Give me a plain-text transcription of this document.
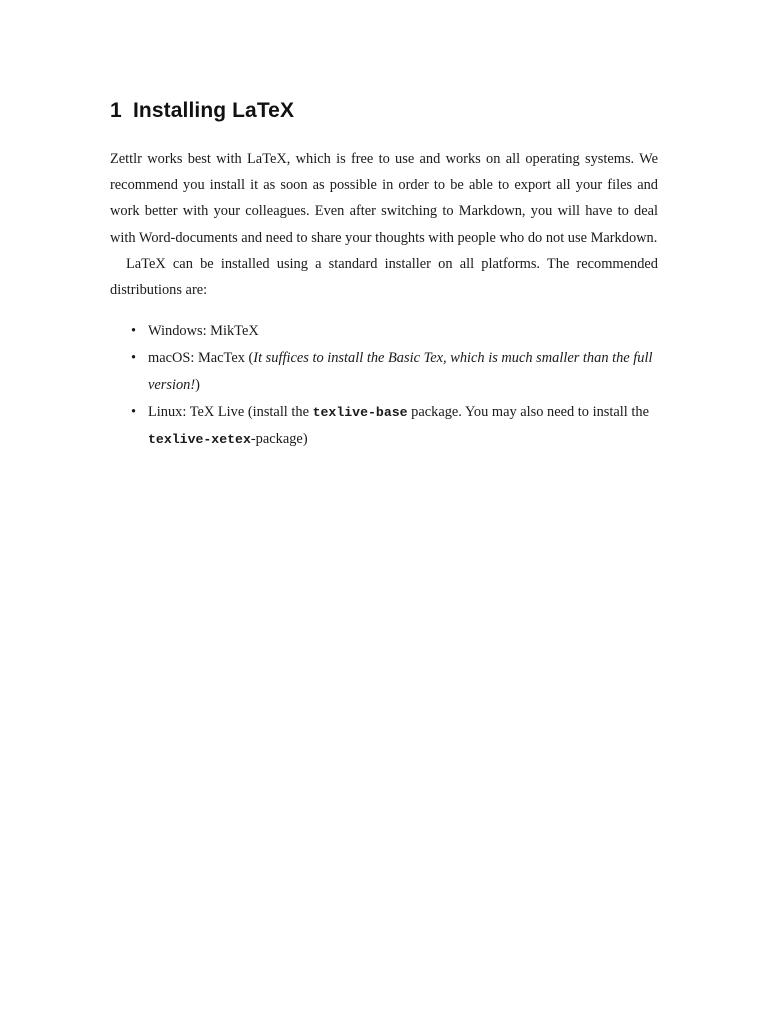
1 Installing LaTeX

Zettlr works best with LaTeX, which is free to use and works on all operating systems. We recommend you install it as soon as possible in order to be able to export all your files and work better with your colleagues. Even after switching to Markdown, you will have to deal with Word-documents and need to share your thoughts with people who do not use Markdown.

LaTeX can be installed using a standard installer on all platforms. The recommended distributions are:

• Windows: MikTeX
• macOS: MacTex (It suffices to install the Basic Tex, which is much smaller than the full version!)
• Linux: TeX Live (install the texlive-base package. You may also need to install the texlive-xetex-package)
